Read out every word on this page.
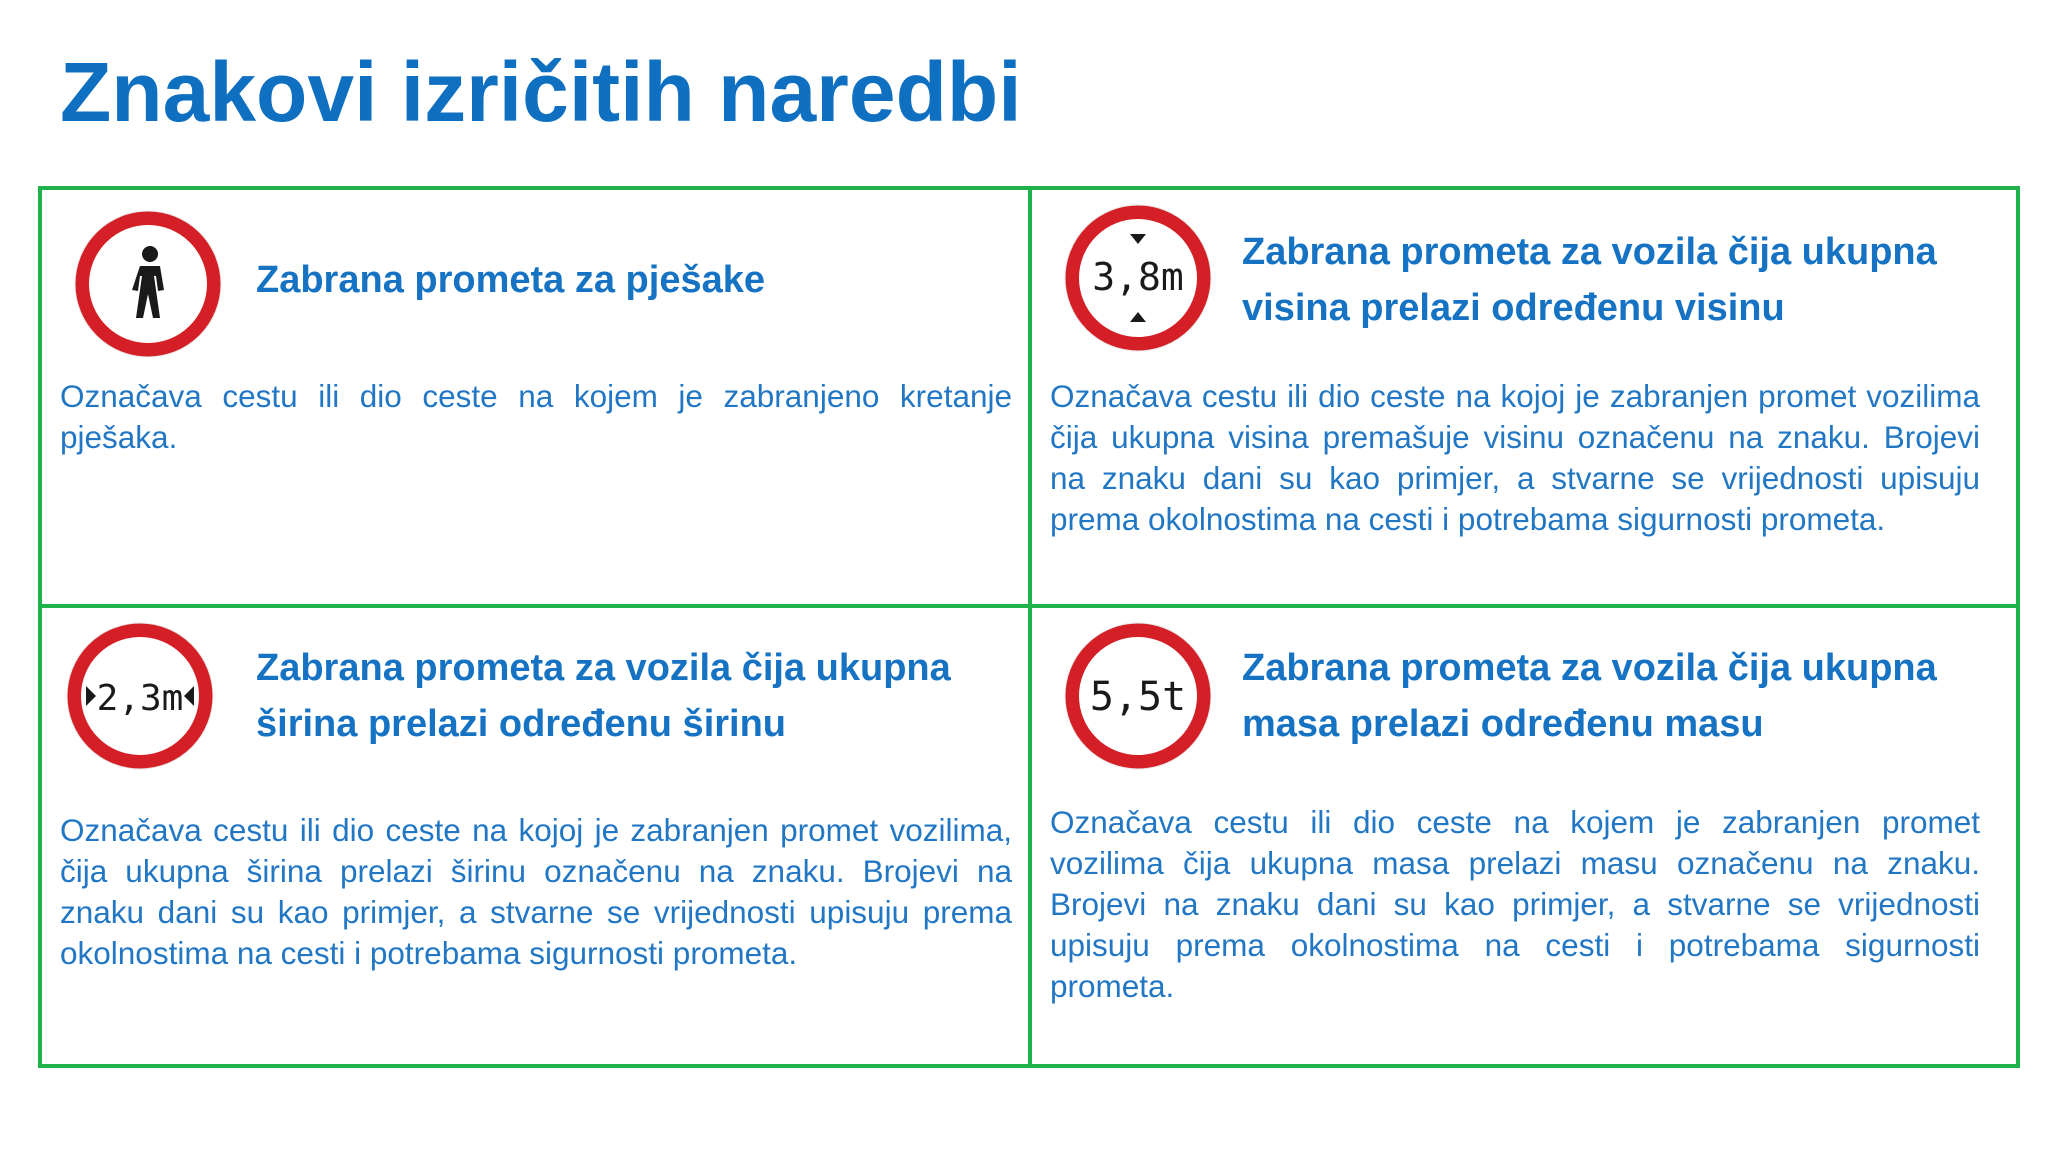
Znakovi izričitih naredbi
Zabrana prometa za pješake

Označava cestu ili dio ceste na kojem je zabranjeno kretanje pješaka.

3,8m
Zabrana prometa za vozila čija ukupna visina prelazi određenu visinu

Označava cestu ili dio ceste na kojoj je zabranjen promet vozilima čija ukupna visina premašuje visinu označenu na znaku. Brojevi na znaku dani su kao primjer, a stvarne se vrijednosti upisuju prema okolnostima na cesti i potrebama sigurnosti prometa.

2,3m
Zabrana prometa za vozila čija ukupna širina prelazi određenu širinu

Označava cestu ili dio ceste na kojoj je zabranjen promet vozilima, čija ukupna širina prelazi širinu označenu na znaku. Brojevi na znaku dani su kao primjer, a stvarne se vrijednosti upisuju prema okolnostima na cesti i potrebama sigurnosti prometa.

5,5t
Zabrana prometa za vozila čija ukupna masa prelazi određenu masu

Označava cestu ili dio ceste na kojem je zabranjen promet vozilima čija ukupna masa prelazi masu označenu na znaku. Brojevi na znaku dani su kao primjer, a stvarne se vrijednosti upisuju prema okolnostima na cesti i potrebama sigurnosti prometa.
